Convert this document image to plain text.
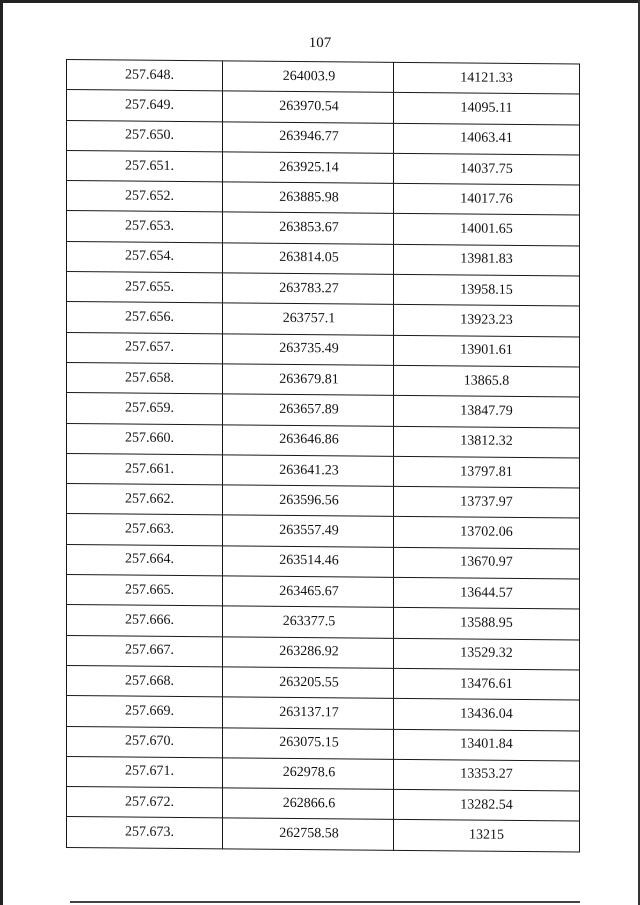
107
257.648.	264003.9	14121.33
257.649.	263970.54	14095.11
257.650.	263946.77	14063.41
257.651.	263925.14	14037.75
257.652.	263885.98	14017.76
257.653.	263853.67	14001.65
257.654.	263814.05	13981.83
257.655.	263783.27	13958.15
257.656.	263757.1	13923.23
257.657.	263735.49	13901.61
257.658.	263679.81	13865.8
257.659.	263657.89	13847.79
257.660.	263646.86	13812.32
257.661.	263641.23	13797.81
257.662.	263596.56	13737.97
257.663.	263557.49	13702.06
257.664.	263514.46	13670.97
257.665.	263465.67	13644.57
257.666.	263377.5	13588.95
257.667.	263286.92	13529.32
257.668.	263205.55	13476.61
257.669.	263137.17	13436.04
257.670.	263075.15	13401.84
257.671.	262978.6	13353.27
257.672.	262866.6	13282.54
257.673.	262758.58	13215
